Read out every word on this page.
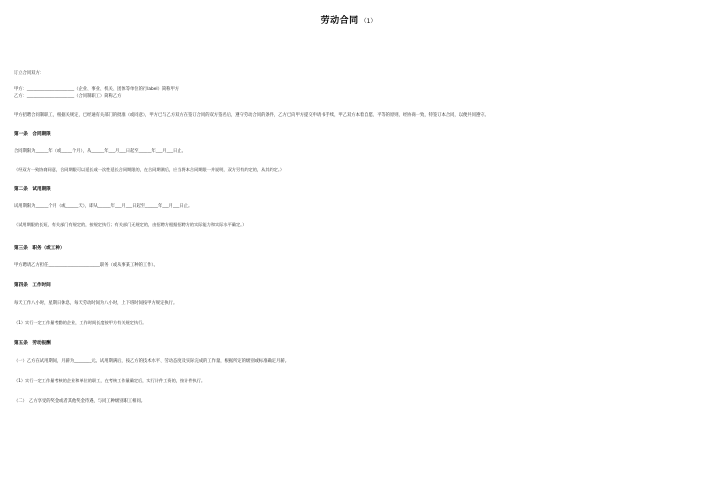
劳动合同 （1）
订立合同双方：
甲方：______________________（企业、事业、机关、团体等单位的行label）简称甲方
乙方：______________________（合同制职工）简称乙方
甲方招聘合同制职工，根据关规定，已经通有关部门的批准（或同意），甲方已与乙方双方在签订合同的双方签名后，遵守劳动合同的条件，乙方已向甲方提交申请书手续，甲乙双方本着自愿、平等的原则，经协商一致，特签订本合同，以便共同遵守。
第一条　合同期限
合同期限为______年（或_____个月），从______年___月___日起至______年___月___日止。
（经双方一致协商同意，合同期限可以延长或一次性延长合同期限的，在合同期满后，应当将本合同期限一并说明，双方另有约定的，从其约定。）
第二条　试用期限
试用期限为______个月（或______天），即从______年___月___日起至______年___月___日止。
（试用期限的长短，有关部门有规定的，按规定执行；有关部门无规定的，由招聘方根据招聘方的实际能力和实际水平确定。）
第三条　职务（或工种）
甲方聘请乙方担任________________________职务（或从事某工种的工作）。
第四条　工作时间
每天工作八小时，星期日休息，每天劳动时间为八小时，上下班时间按甲方规定执行。
（1）实行一定工作量考勤的企业，工作时间长度按甲方有关规定执行。
第五条　劳动报酬
（一）乙方在试用期间，月薪为________元。试用期满后，按乙方的技术水平、劳动态度及实际完成的工作量，根据所定的级别或标准确定月薪。
（1）实行一定工作量考核的企业和单位的职工，在考核工作量确定后，实行计件工资的，按计件执行。
（二）　乙方享受的奖金或者其他奖金待遇，与同工种级别职工相同。
